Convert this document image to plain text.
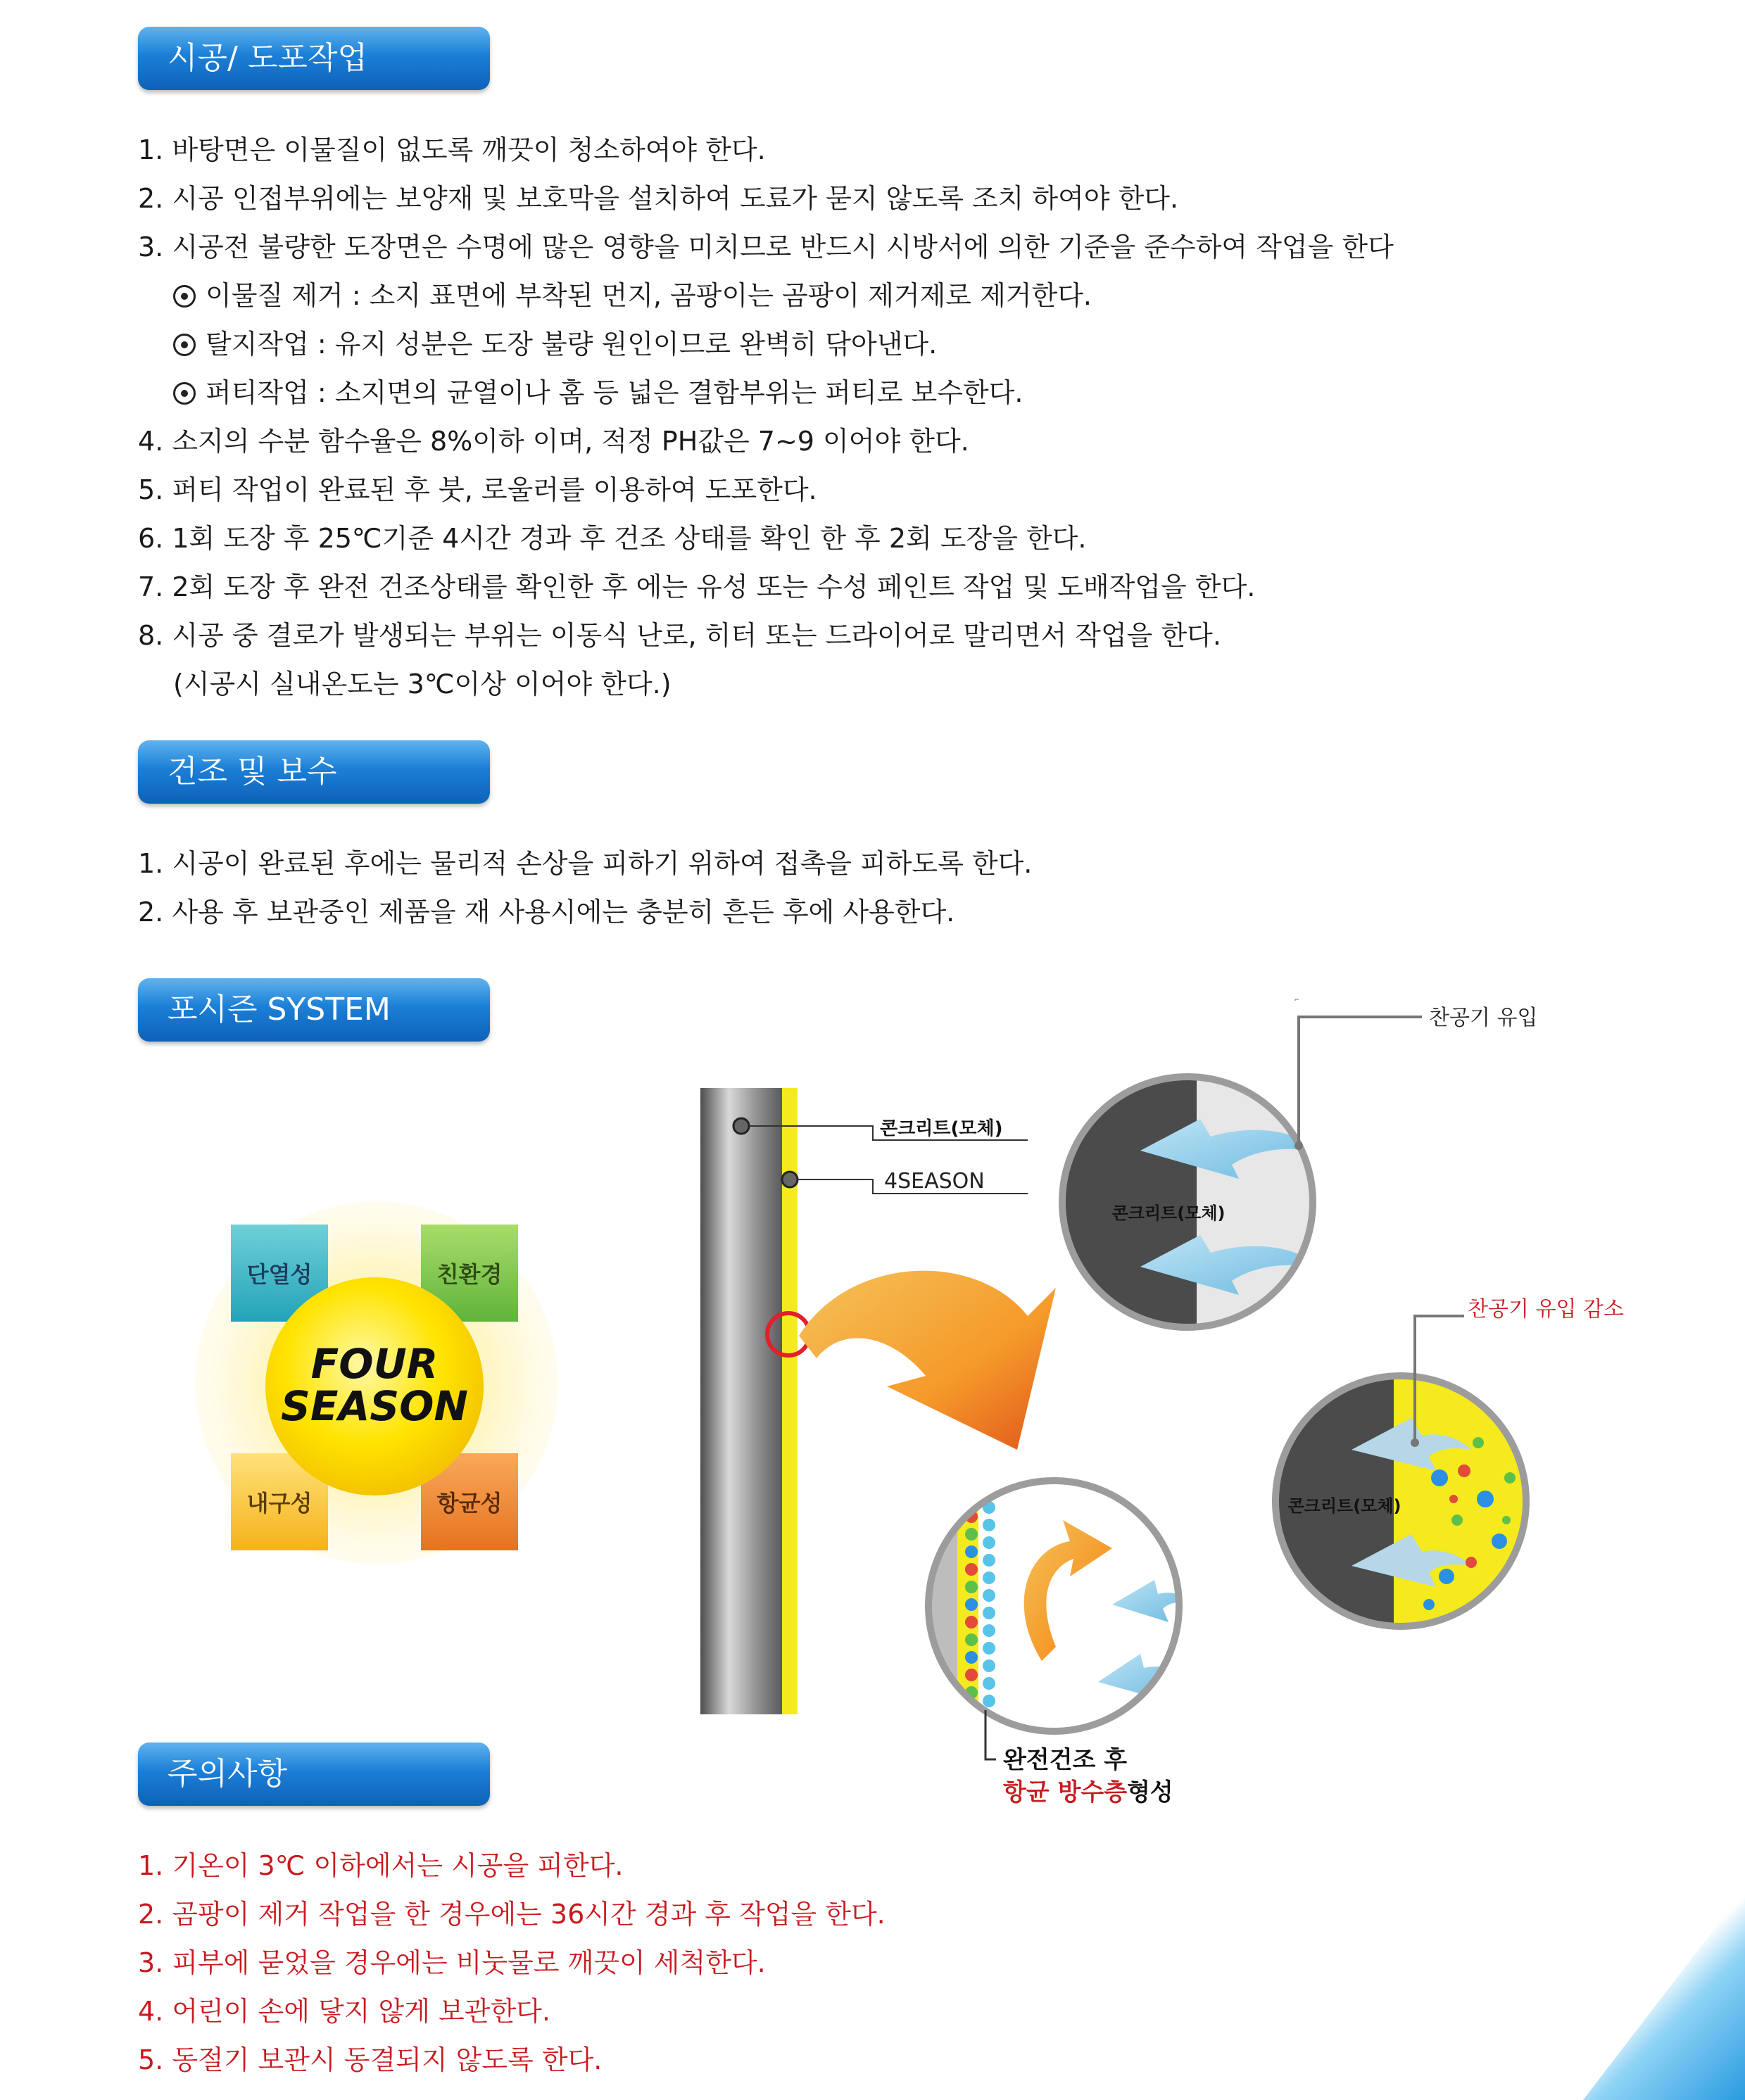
시공/ 도포작업
1. 바탕면은 이물질이 없도록 깨끗이 청소하여야 한다.
2. 시공 인접부위에는 보양재 및 보호막을 설치하여 도료가 묻지 않도록 조치 하여야 한다.
3. 시공전 불량한 도장면은 수명에 많은 영향을 미치므로 반드시 시방서에 의한 기준을 준수하여 작업을 한다
이물질 제거 : 소지 표면에 부착된 먼지, 곰팡이는 곰팡이 제거제로 제거한다.
탈지작업 : 유지 성분은 도장 불량 원인이므로 완벽히 닦아낸다.
퍼티작업 : 소지면의 균열이나 홈 등 넓은 결함부위는 퍼티로 보수한다.
4. 소지의 수분 함수율은 8%이하 이며, 적정 PH값은 7~9 이어야 한다.
5. 퍼티 작업이 완료된 후 붓, 로울러를 이용하여 도포한다.
6. 1회 도장 후 25℃기준 4시간 경과 후 건조 상태를 확인 한 후 2회 도장을 한다.
7. 2회 도장 후 완전 건조상태를 확인한 후 에는 유성 또는 수성 페인트 작업 및 도배작업을 한다.
8. 시공 중 결로가 발생되는 부위는 이동식 난로, 히터 또는 드라이어로 말리면서 작업을 한다.
(시공시 실내온도는 3℃이상 이어야 한다.)
건조 및 보수
1. 시공이 완료된 후에는 물리적 손상을 피하기 위하여 접촉을 피하도록 한다.
2. 사용 후 보관중인 제품을 재 사용시에는 충분히 흔든 후에 사용한다.
포시즌 SYSTEM
FOUR
SEASON
단열성	친환경
내구성	항균성
콘크리트(모체)
4SEASON
콘크리트(모체)
찬공기 유입
콘크리트(모체)
찬공기 유입 감소
완전건조 후
항균 방수층형성
주의사항
1. 기온이 3℃ 이하에서는 시공을 피한다.
2. 곰팡이 제거 작업을 한 경우에는 36시간 경과 후 작업을 한다.
3. 피부에 묻었을 경우에는 비눗물로 깨끗이 세척한다.
4. 어린이 손에 닿지 않게 보관한다.
5. 동절기 보관시 동결되지 않도록 한다.
